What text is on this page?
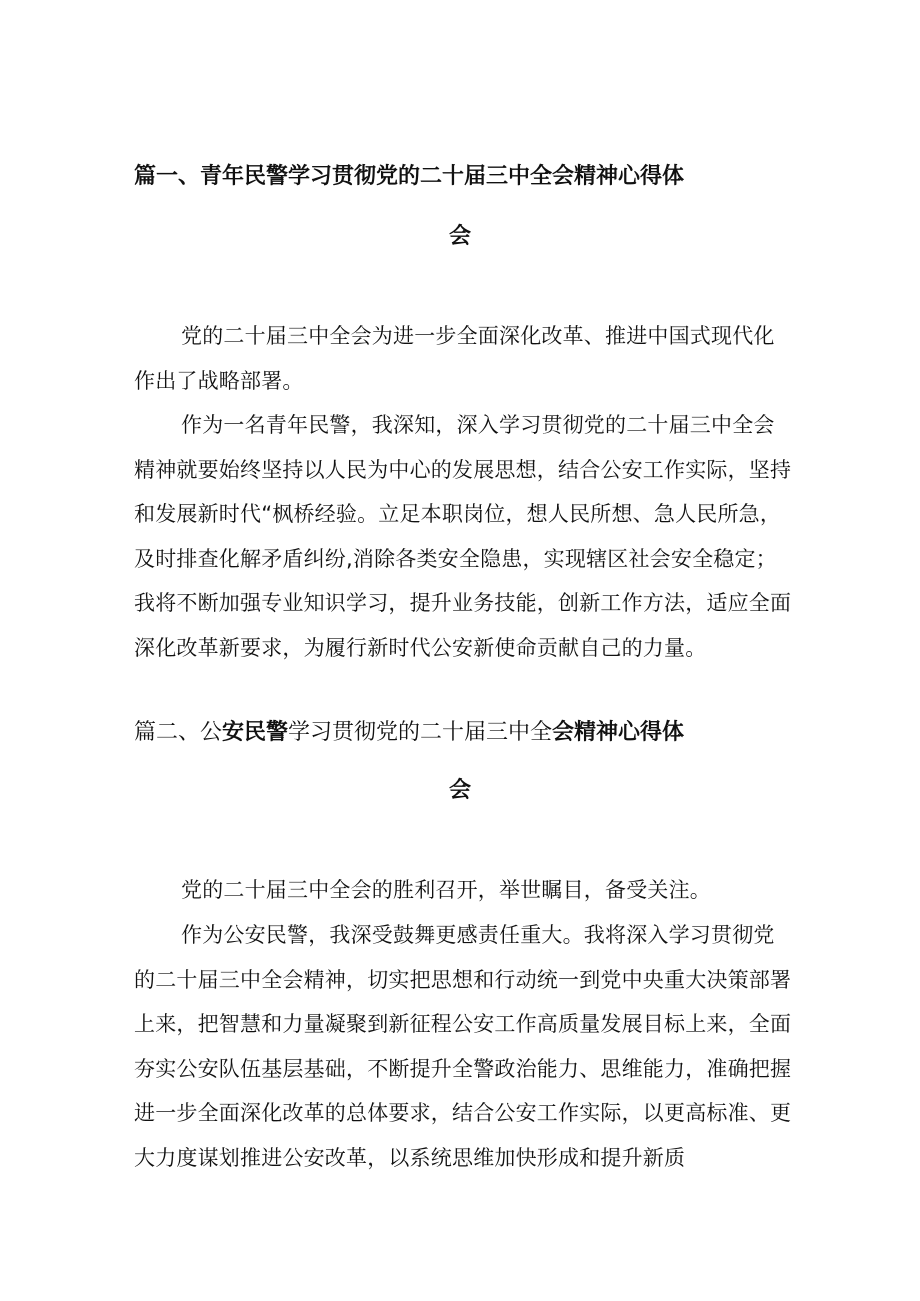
篇一、青年民警学习贯彻党的二十届三中全会精神心得体
会
党的二十届三中全会为进一步全面深化改革、推进中国式现代化作出了战略部署。
作为一名青年民警，我深知，深入学习贯彻党的二十届三中全会精神就要始终坚持以人民为中心的发展思想，结合公安工作实际，坚持和发展新时代“枫桥经验。立足本职岗位，想人民所想、急人民所急，及时排查化解矛盾纠纷,消除各类安全隐患，实现辖区社会安全稳定；我将不断加强专业知识学习，提升业务技能，创新工作方法，适应全面深化改革新要求，为履行新时代公安新使命贡献自己的力量。
篇二、公安民警学习贯彻党的二十届三中全会精神心得体
会
党的二十届三中全会的胜利召开，举世瞩目，备受关注。
作为公安民警，我深受鼓舞更感责任重大。我将深入学习贯彻党的二十届三中全会精神，切实把思想和行动统一到党中央重大决策部署上来，把智慧和力量凝聚到新征程公安工作高质量发展目标上来，全面夯实公安队伍基层基础，不断提升全警政治能力、思维能力，准确把握进一步全面深化改革的总体要求，结合公安工作实际，以更高标准、更大力度谋划推进公安改革，以系统思维加快形成和提升新质
